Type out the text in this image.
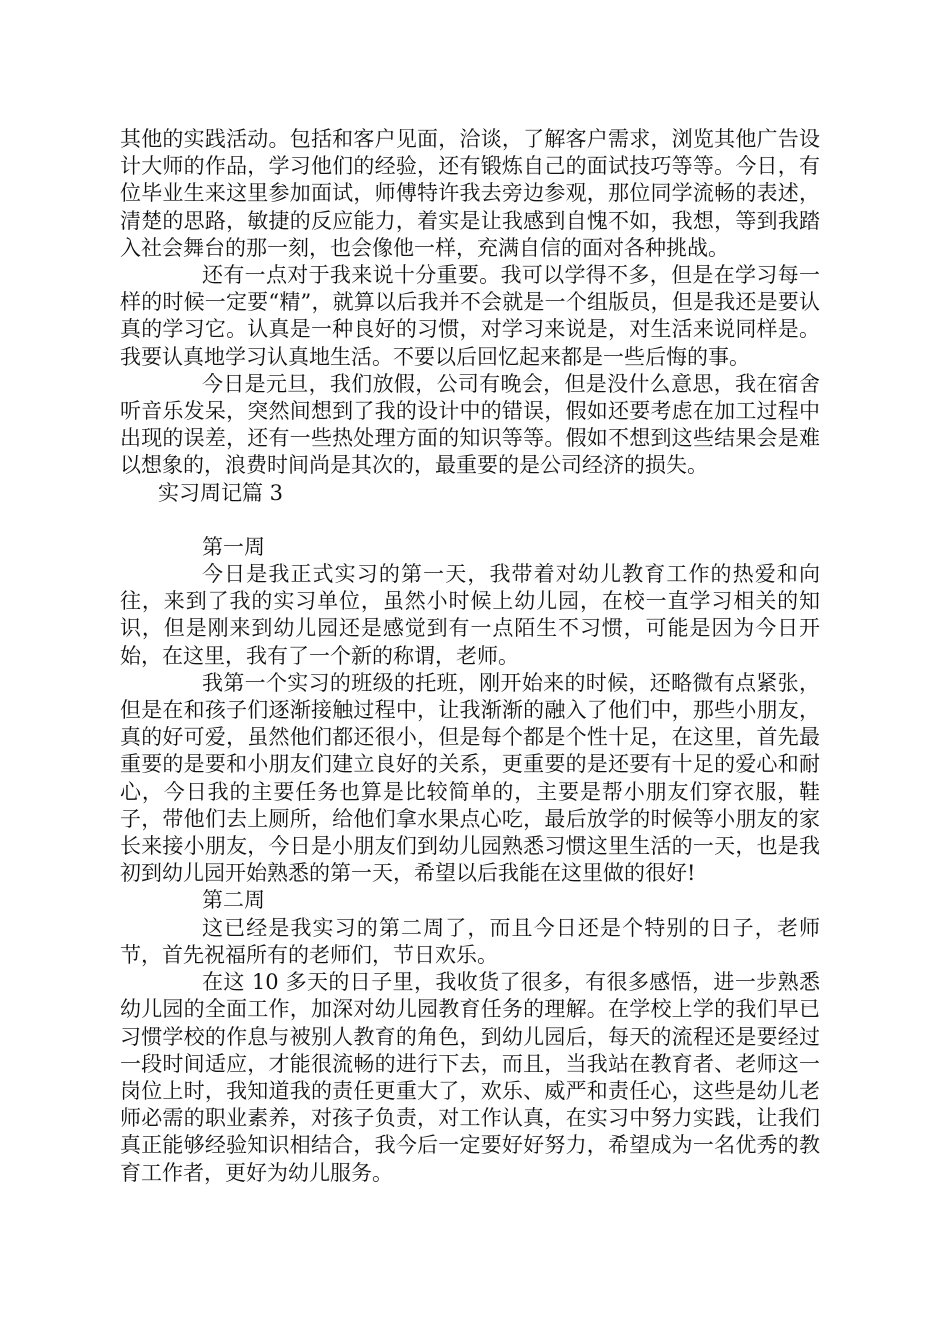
其他的实践活动。包括和客户见面，洽谈，了解客户需求，浏览其他广告设计大师的作品，学习他们的经验，还有锻炼自己的面试技巧等等。今日，有位毕业生来这里参加面试，师傅特许我去旁边参观，那位同学流畅的表述，清楚的思路，敏捷的反应能力，着实是让我感到自愧不如，我想，等到我踏入社会舞台的那一刻，也会像他一样，充满自信的面对各种挑战。

还有一点对于我来说十分重要。我可以学得不多，但是在学习每一样的时候一定要“精”，就算以后我并不会就是一个组版员，但是我还是要认真的学习它。认真是一种良好的习惯，对学习来说是，对生活来说同样是。我要认真地学习认真地生活。不要以后回忆起来都是一些后悔的事。

今日是元旦，我们放假，公司有晚会，但是没什么意思，我在宿舍听音乐发呆，突然间想到了我的设计中的错误，假如还要考虑在加工过程中出现的误差，还有一些热处理方面的知识等等。假如不想到这些结果会是难以想象的，浪费时间尚是其次的，最重要的是公司经济的损失。

实习周记篇 3

第一周

今日是我正式实习的第一天，我带着对幼儿教育工作的热爱和向往，来到了我的实习单位，虽然小时候上幼儿园，在校一直学习相关的知识，但是刚来到幼儿园还是感觉到有一点陌生不习惯，可能是因为今日开始，在这里，我有了一个新的称谓，老师。

我第一个实习的班级的托班，刚开始来的时候，还略微有点紧张，但是在和孩子们逐渐接触过程中，让我渐渐的融入了他们中，那些小朋友，真的好可爱，虽然他们都还很小，但是每个都是个性十足，在这里，首先最重要的是要和小朋友们建立良好的关系，更重要的是还要有十足的爱心和耐心，今日我的主要任务也算是比较简单的，主要是帮小朋友们穿衣服，鞋子，带他们去上厕所，给他们拿水果点心吃，最后放学的时候等小朋友的家长来接小朋友，今日是小朋友们到幼儿园熟悉习惯这里生活的一天，也是我初到幼儿园开始熟悉的第一天，希望以后我能在这里做的很好!

第二周

这已经是我实习的第二周了，而且今日还是个特别的日子，老师节，首先祝福所有的老师们，节日欢乐。

在这 10 多天的日子里，我收货了很多，有很多感悟，进一步熟悉幼儿园的全面工作，加深对幼儿园教育任务的理解。在学校上学的我们早已习惯学校的作息与被别人教育的角色，到幼儿园后，每天的流程还是要经过一段时间适应，才能很流畅的进行下去，而且，当我站在教育者、老师这一岗位上时，我知道我的责任更重大了，欢乐、威严和责任心，这些是幼儿老师必需的职业素养，对孩子负责，对工作认真，在实习中努力实践，让我们真正能够经验知识相结合，我今后一定要好好努力，希望成为一名优秀的教育工作者，更好为幼儿服务。
